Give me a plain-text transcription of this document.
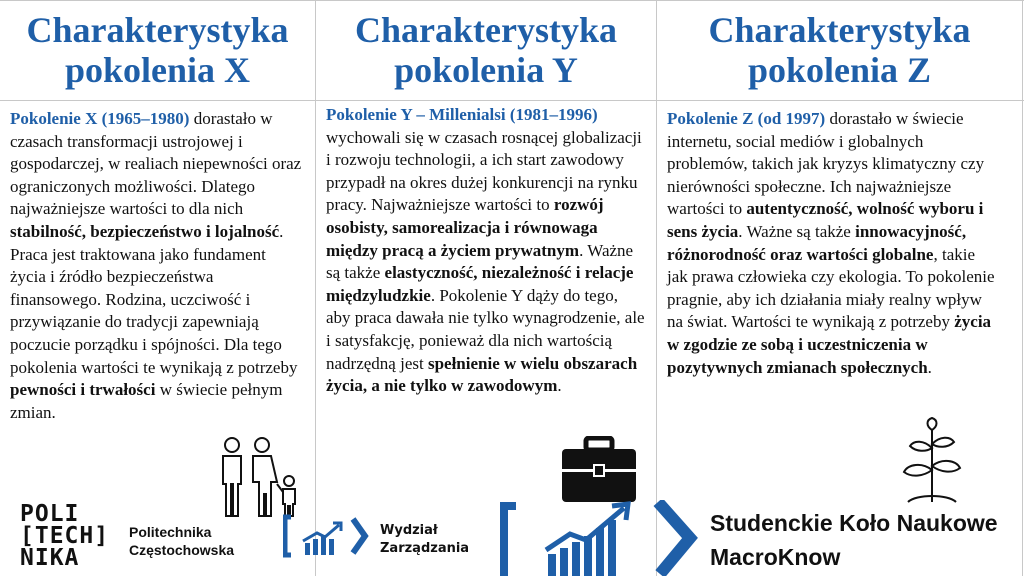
Charakterystyka
pokolenia X
Charakterystyka
pokolenia Y
Charakterystyka
pokolenia Z
Pokolenie X (1965–1980) dorastało w czasach transformacji ustrojowej i gospodarczej, w realiach niepewności oraz ograniczonych możliwości. Dlatego najważniejsze wartości to dla nich stabilność, bezpieczeństwo i lojalność. Praca jest traktowana jako fundament życia i źródło bezpieczeństwa finansowego. Rodzina, uczciwość i przywiązanie do tradycji zapewniają poczucie porządku i spójności. Dla tego pokolenia wartości te wynikają z potrzeby pewności i trwałości w świecie pełnym zmian.
Pokolenie Y – Millenialsi (1981–1996) wychowali się w czasach rosnącej globalizacji i rozwoju technologii, a ich start zawodowy przypadł na okres dużej konkurencji na rynku pracy. Najważniejsze wartości to rozwój osobisty, samorealizacja i równowaga między pracą a życiem prywatnym. Ważne są także elastyczność, niezależność i relacje międzyludzkie. Pokolenie Y dąży do tego, aby praca dawała nie tylko wynagrodzenie, ale i satysfakcję, ponieważ dla nich wartością nadrzędną jest spełnienie w wielu obszarach życia, a nie tylko w zawodowym.
Pokolenie Z (od 1997) dorastało w świecie internetu, social mediów i globalnych problemów, takich jak kryzys klimatyczny czy nierówności społeczne. Ich najważniejsze wartości to autentyczność, wolność wyboru i sens życia. Ważne są także innowacyjność, różnorodność oraz wartości globalne, takie jak prawa człowieka czy ekologia. To pokolenie pragnie, aby ich działania miały realny wpływ na świat. Wartości te wynikają z potrzeby życia w zgodzie ze sobą i uczestniczenia w pozytywnych zmianach społecznych.
POLI
[TECH]
NIKA
Politechnika
Częstochowska
Wydział
Zarządzania
Studenckie Koło Naukowe
MacroKnow
